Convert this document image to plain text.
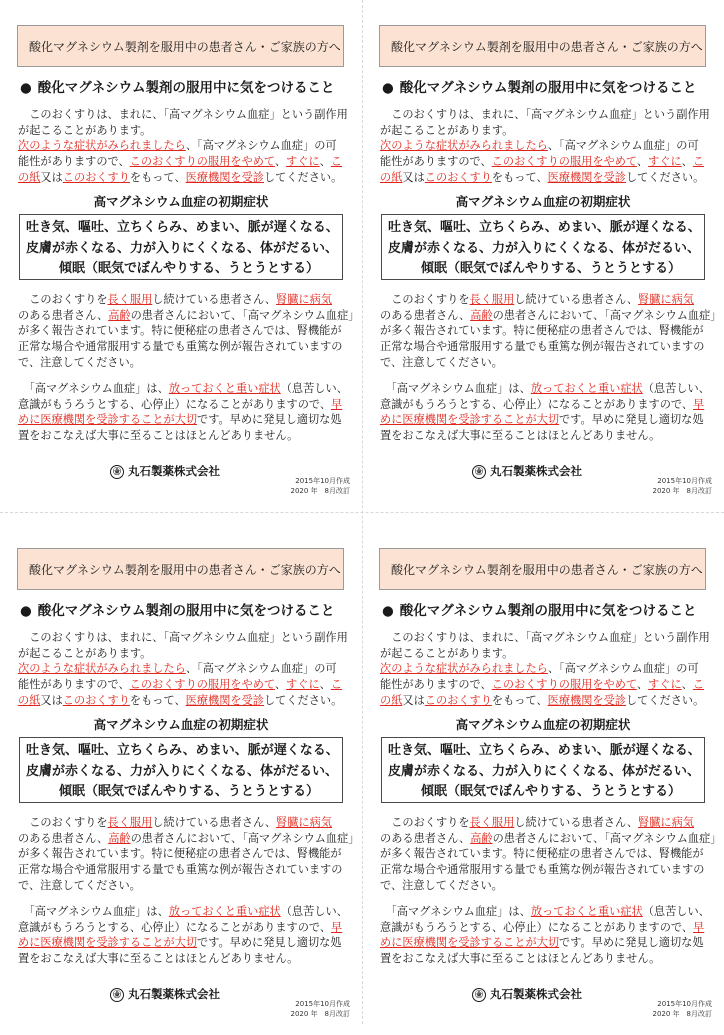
酸化マグネシウム製剤を服用中の患者さん・ご家族の方へ
● 酸化マグネシウム製剤の服用中に気をつけること
　このおくすりは、まれに、「高マグネシウム血症」という副作用
が起こることがあります。
次のような症状がみられましたら、「高マグネシウム血症」の可
能性がありますので、このおくすりの服用をやめて、すぐに、こ
の紙又はこのおくすりをもって、医療機関を受診してください。
高マグネシウム血症の初期症状
吐き気、嘔吐、立ちくらみ、めまい、脈が遅くなる、
皮膚が赤くなる、力が入りにくくなる、体がだるい、
傾眠（眠気でぼんやりする、うとうとする）
　このおくすりを長く服用し続けている患者さん、腎臓に病気
のある患者さん、高齢の患者さんにおいて、「高マグネシウム血症」
が多く報告されています。特に便秘症の患者さんでは、腎機能が
正常な場合や通常服用する量でも重篤な例が報告されていますの
で、注意してください。
　「高マグネシウム血症」は、放っておくと重い症状（息苦しい、
意識がもうろうとする、心停止）になることがありますので、早
めに医療機関を受診することが大切です。早めに発見し適切な処
置をおこなえば大事に至ることはほとんどありません。
㊎ 丸石製薬株式会社
2015年10月作成
2020 年　8月改訂
酸化マグネシウム製剤を服用中の患者さん・ご家族の方へ
● 酸化マグネシウム製剤の服用中に気をつけること
　このおくすりは、まれに、「高マグネシウム血症」という副作用
が起こることがあります。
次のような症状がみられましたら、「高マグネシウム血症」の可
能性がありますので、このおくすりの服用をやめて、すぐに、こ
の紙又はこのおくすりをもって、医療機関を受診してください。
高マグネシウム血症の初期症状
吐き気、嘔吐、立ちくらみ、めまい、脈が遅くなる、
皮膚が赤くなる、力が入りにくくなる、体がだるい、
傾眠（眠気でぼんやりする、うとうとする）
　このおくすりを長く服用し続けている患者さん、腎臓に病気
のある患者さん、高齢の患者さんにおいて、「高マグネシウム血症」
が多く報告されています。特に便秘症の患者さんでは、腎機能が
正常な場合や通常服用する量でも重篤な例が報告されていますの
で、注意してください。
　「高マグネシウム血症」は、放っておくと重い症状（息苦しい、
意識がもうろうとする、心停止）になることがありますので、早
めに医療機関を受診することが大切です。早めに発見し適切な処
置をおこなえば大事に至ることはほとんどありません。
㊎ 丸石製薬株式会社
2015年10月作成
2020 年　8月改訂
酸化マグネシウム製剤を服用中の患者さん・ご家族の方へ
● 酸化マグネシウム製剤の服用中に気をつけること
　このおくすりは、まれに、「高マグネシウム血症」という副作用
が起こることがあります。
次のような症状がみられましたら、「高マグネシウム血症」の可
能性がありますので、このおくすりの服用をやめて、すぐに、こ
の紙又はこのおくすりをもって、医療機関を受診してください。
高マグネシウム血症の初期症状
吐き気、嘔吐、立ちくらみ、めまい、脈が遅くなる、
皮膚が赤くなる、力が入りにくくなる、体がだるい、
傾眠（眠気でぼんやりする、うとうとする）
　このおくすりを長く服用し続けている患者さん、腎臓に病気
のある患者さん、高齢の患者さんにおいて、「高マグネシウム血症」
が多く報告されています。特に便秘症の患者さんでは、腎機能が
正常な場合や通常服用する量でも重篤な例が報告されていますの
で、注意してください。
　「高マグネシウム血症」は、放っておくと重い症状（息苦しい、
意識がもうろうとする、心停止）になることがありますので、早
めに医療機関を受診することが大切です。早めに発見し適切な処
置をおこなえば大事に至ることはほとんどありません。
㊎ 丸石製薬株式会社
2015年10月作成
2020 年　8月改訂
酸化マグネシウム製剤を服用中の患者さん・ご家族の方へ
● 酸化マグネシウム製剤の服用中に気をつけること
　このおくすりは、まれに、「高マグネシウム血症」という副作用
が起こることがあります。
次のような症状がみられましたら、「高マグネシウム血症」の可
能性がありますので、このおくすりの服用をやめて、すぐに、こ
の紙又はこのおくすりをもって、医療機関を受診してください。
高マグネシウム血症の初期症状
吐き気、嘔吐、立ちくらみ、めまい、脈が遅くなる、
皮膚が赤くなる、力が入りにくくなる、体がだるい、
傾眠（眠気でぼんやりする、うとうとする）
　このおくすりを長く服用し続けている患者さん、腎臓に病気
のある患者さん、高齢の患者さんにおいて、「高マグネシウム血症」
が多く報告されています。特に便秘症の患者さんでは、腎機能が
正常な場合や通常服用する量でも重篤な例が報告されていますの
で、注意してください。
　「高マグネシウム血症」は、放っておくと重い症状（息苦しい、
意識がもうろうとする、心停止）になることがありますので、早
めに医療機関を受診することが大切です。早めに発見し適切な処
置をおこなえば大事に至ることはほとんどありません。
㊎ 丸石製薬株式会社
2015年10月作成
2020 年　8月改訂
